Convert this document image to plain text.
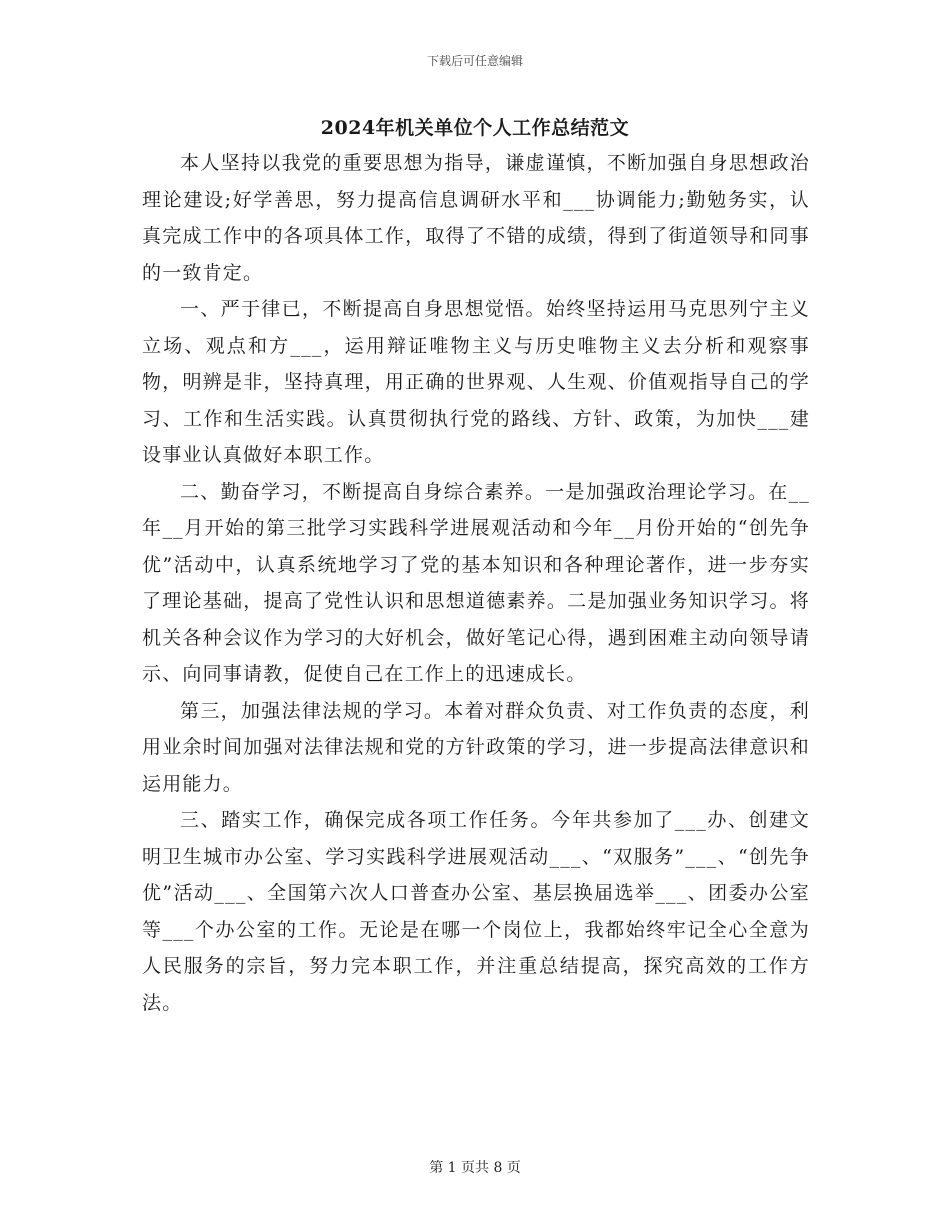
下载后可任意编辑
2024年机关单位个人工作总结范文

本人坚持以我党的重要思想为指导，谦虚谨慎，不断加强自身思想政治理论建设;好学善思，努力提高信息调研水平和___协调能力;勤勉务实，认真完成工作中的各项具体工作，取得了不错的成绩，得到了街道领导和同事的一致肯定。

一、严于律已，不断提高自身思想觉悟。始终坚持运用马克思列宁主义立场、观点和方___，运用辩证唯物主义与历史唯物主义去分析和观察事物，明辨是非，坚持真理，用正确的世界观、人生观、价值观指导自己的学习、工作和生活实践。认真贯彻执行党的路线、方针、政策，为加快___建设事业认真做好本职工作。

二、勤奋学习，不断提高自身综合素养。一是加强政治理论学习。在__年__月开始的第三批学习实践科学进展观活动和今年__月份开始的“创先争优”活动中，认真系统地学习了党的基本知识和各种理论著作，进一步夯实了理论基础，提高了党性认识和思想道德素养。二是加强业务知识学习。将机关各种会议作为学习的大好机会，做好笔记心得，遇到困难主动向领导请示、向同事请教，促使自己在工作上的迅速成长。

第三，加强法律法规的学习。本着对群众负责、对工作负责的态度，利用业余时间加强对法律法规和党的方针政策的学习，进一步提高法律意识和运用能力。

三、踏实工作，确保完成各项工作任务。今年共参加了___办、创建文明卫生城市办公室、学习实践科学进展观活动___、“双服务”___、“创先争优”活动___、全国第六次人口普查办公室、基层换届选举___、团委办公室等___个办公室的工作。无论是在哪一个岗位上，我都始终牢记全心全意为人民服务的宗旨，努力完本职工作，并注重总结提高，探究高效的工作方法。

第 1 页共 8 页
